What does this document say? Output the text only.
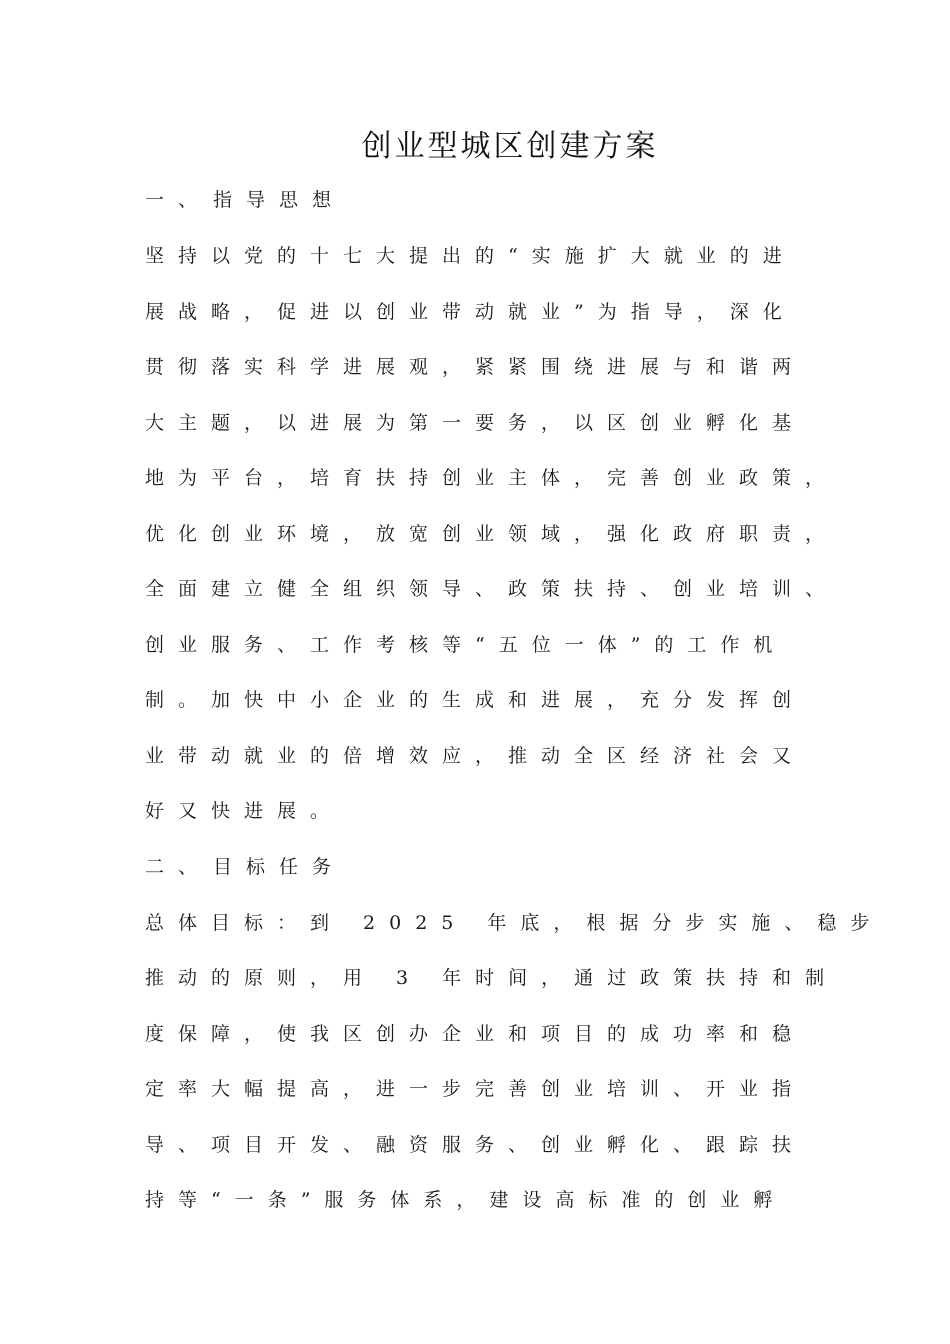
创业型城区创建方案

一、 指导思想

坚持以党的十七大提出的“实施扩大就业的进

展战略，促进以创业带动就业”为指导，深化

贯彻落实科学进展观，紧紧围绕进展与和谐两

大主题，以进展为第一要务，以区创业孵化基

地为平台，培育扶持创业主体，完善创业政策，

优化创业环境，放宽创业领域，强化政府职责，

全面建立健全组织领导、政策扶持、创业培训、

创业服务、工作考核等“五位一体”的工作机

制。加快中小企业的生成和进展，充分发挥创

业带动就业的倍增效应，推动全区经济社会又

好又快进展。

二、 目标任务

总体目标：到 2025 年底，根据分步实施、稳步

推动的原则，用 3 年时间，通过政策扶持和制

度保障，使我区创办企业和项目的成功率和稳

定率大幅提高，进一步完善创业培训、开业指

导、项目开发、融资服务、创业孵化、跟踪扶

持等“一条”服务体系，建设高标准的创业孵
